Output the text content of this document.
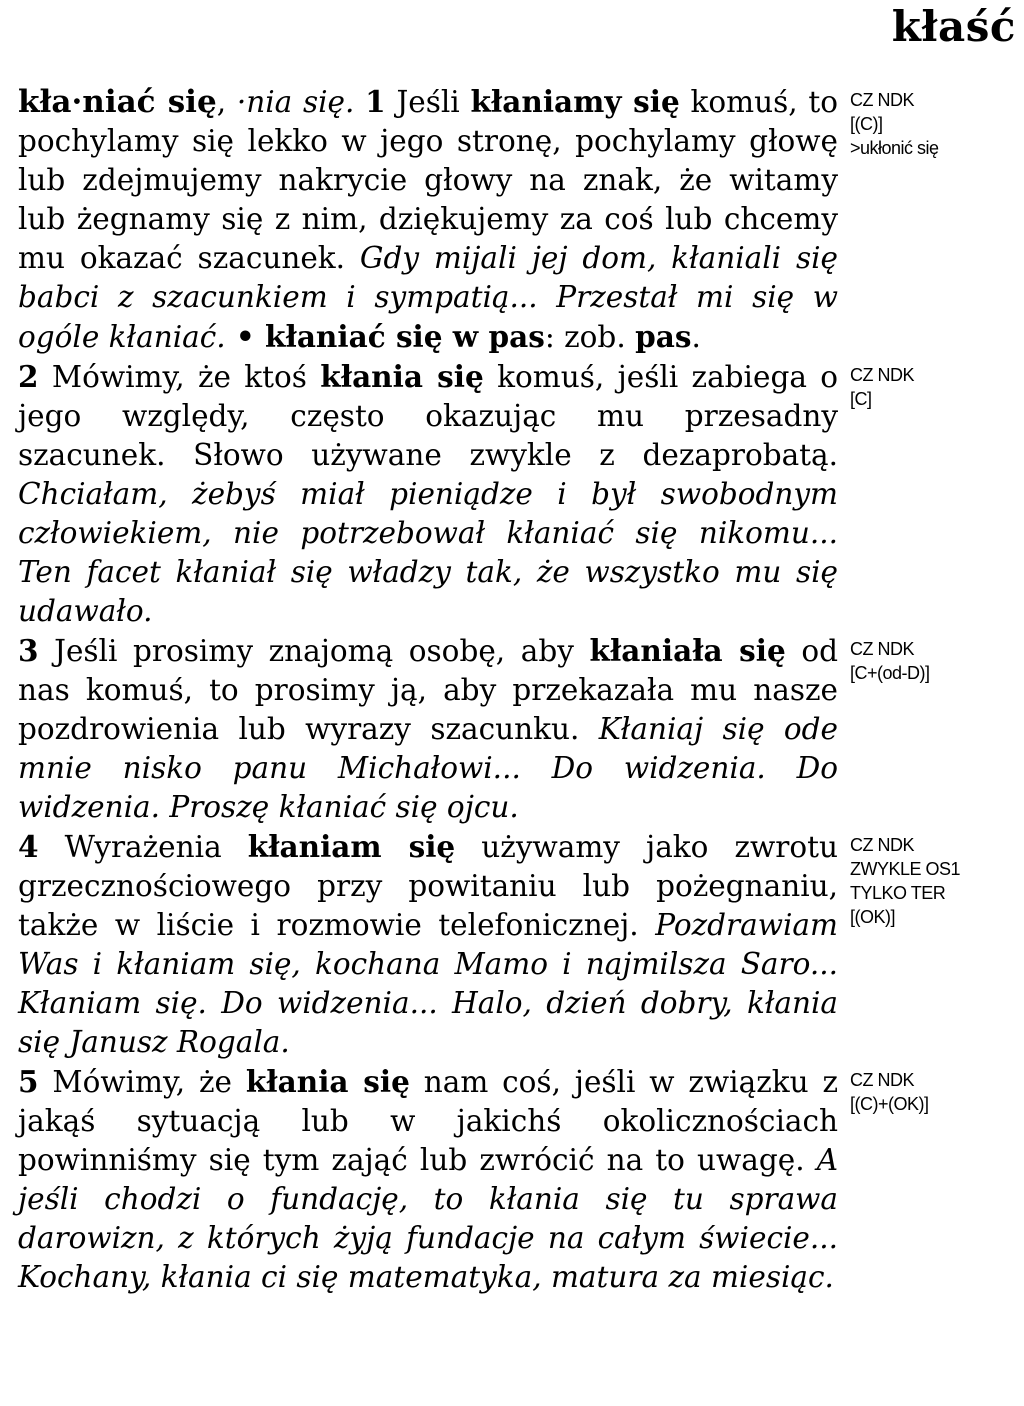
kłaść
kła·niać się, ·nia się. 1 Jeśli kłaniamy się komuś, to pochylamy się lekko w jego stronę, pochylamy głowę lub zdejmujemy nakrycie głowy na znak, że witamy lub żegnamy się z nim, dziękujemy za coś lub chcemy mu okazać szacunek. Gdy mijali jej dom, kłaniali się babci z szacunkiem i sympatią... Przestał mi się w ogóle kłaniać. • kłaniać się w pas: zob. pas.
CZ NDK
[(C)]
>ukłonić się
2 Mówimy, że ktoś kłania się komuś, jeśli zabiega o jego względy, często okazując mu przesadny szacunek. Słowo używane zwykle z dezaprobatą. Chciałam, żebyś miał pieniądze i był swobodnym człowiekiem, nie potrzebował kłaniać się nikomu... Ten facet kłaniał się władzy tak, że wszystko mu się udawało.
CZ NDK
[C]
3 Jeśli prosimy znajomą osobę, aby kłaniała się od nas komuś, to prosimy ją, aby przekazała mu nasze pozdrowienia lub wyrazy szacunku. Kłaniaj się ode mnie nisko panu Michałowi... Do widzenia. Do widzenia. Proszę kłaniać się ojcu.
CZ NDK
[C+(od-D)]
4 Wyrażenia kłaniam się używamy jako zwrotu grzecznościowego przy powitaniu lub pożegnaniu, także w liście i rozmowie telefonicznej. Pozdrawiam Was i kłaniam się, kochana Mamo i najmilsza Saro... Kłaniam się. Do widzenia... Halo, dzień dobry, kłania się Janusz Rogala.
CZ NDK
ZWYKLE OS1
TYLKO TER
[(OK)]
5 Mówimy, że kłania się nam coś, jeśli w związku z jakąś sytuacją lub w jakichś okolicznościach powinniśmy się tym zająć lub zwrócić na to uwagę. A jeśli chodzi o fundację, to kłania się tu sprawa darowizn, z których żyją fundacje na całym świecie... Kochany, kłania ci się matematyka, matura za miesiąc.
CZ NDK
[(C)+(OK)]
